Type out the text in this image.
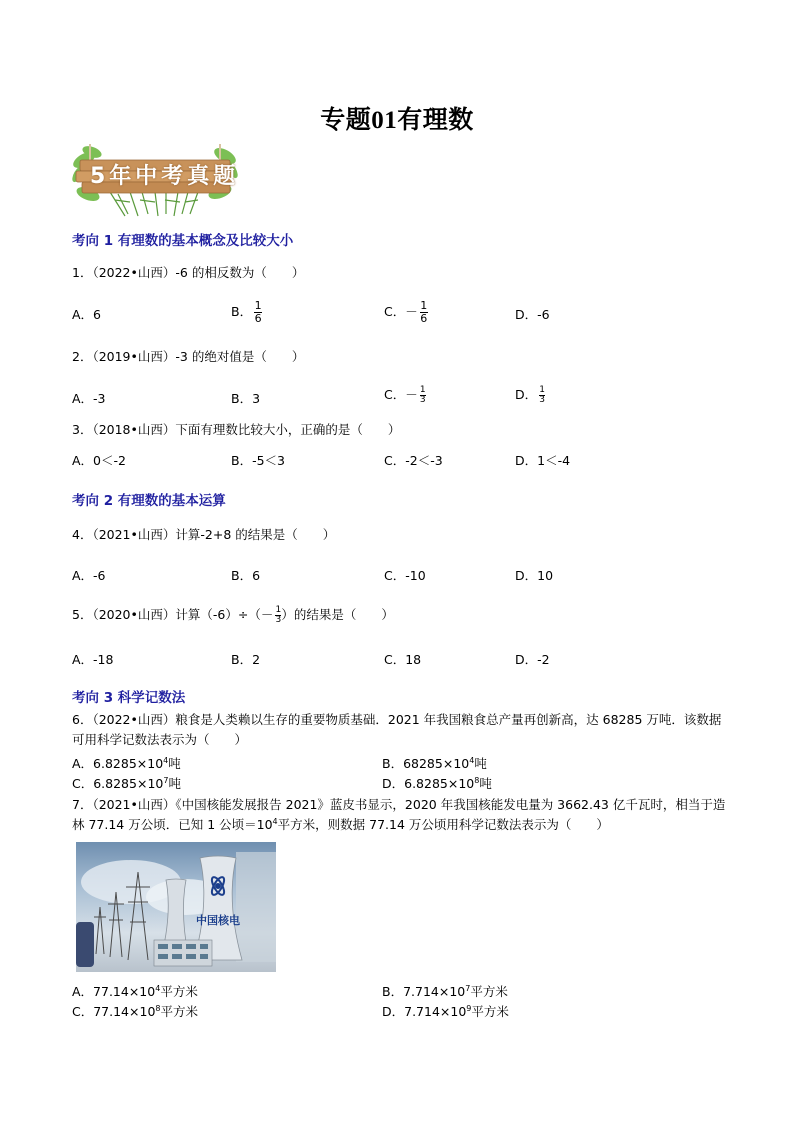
专题01有理数
5年中考真题
考向 1 有理数的基本概念及比较大小
1．（2022•山西）-6 的相反数为（　　）
A．6	B． $\frac{1}{6}$	C．－ $\frac{1}{6}$	D．-6
2．（2019•山西）-3 的绝对值是（　　）
A．-3	B．3	C．－ $\frac{1}{3}$	D． $\frac{1}{3}$
3．（2018•山西）下面有理数比较大小，正确的是（　　）
A．0＜-2	B．-5＜3	C．-2＜-3	D．1＜-4
考向 2 有理数的基本运算
4．（2021•山西）计算-2+8 的结果是（　　）
A．-6	B．6	C．-10	D．10
5．（2020•山西）计算$(-6)\div(- \frac{1}{3}$ ）的结果是（　　）
A．-18	B．2	C．18	D．-2
考向 3 科学记数法
6．（2022•山西）粮食是人类赖以生存的重要物质基础．2021 年我国粮食总产量再创新高，达 68285 万吨．该数据可用科学记数法表示为（　　）
A．$6.8285\times 10^4$吨	B．$68285\times 10^4$吨
C．$6.8285\times 10^7$吨	D．$6.8285\times 10^8$吨
7．（2021•山西）《中国核能发展报告 2021》蓝皮书显示，2020 年我国核能发电量为 3662.43 亿千瓦时，相当于造林 77.14 万公顷．已知 1 公顷$=10^4$平方米，则数据 77.14 万公顷用科学记数法表示为（　　）
中国核电
A．$77.14\times 10^4$平方米	B．$7.714\times 10^7$平方米
C．$77.14\times 10^8$平方米	D．$7.714\times 10^9$平方米
